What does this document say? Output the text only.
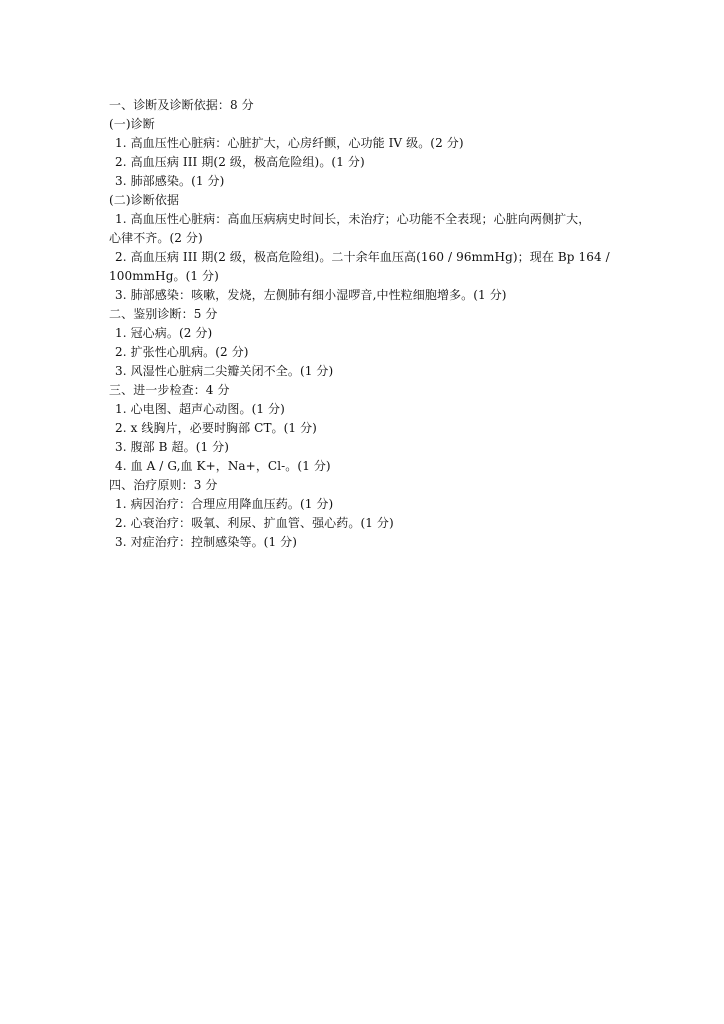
一、诊断及诊断依据：8 分
(一)诊断
1. 高血压性心脏病：心脏扩大，心房纤颤，心功能 IV 级。(2 分)
2. 高血压病 III 期(2 级，极高危险组)。(1 分)
3. 肺部感染。(1 分)
(二)诊断依据
1. 高血压性心脏病：高血压病病史时间长，未治疗；心功能不全表现；心脏向两侧扩大，
心律不齐。(2 分)
2. 高血压病 III 期(2 级，极高危险组)。二十余年血压高(160 / 96mmHg)；现在 Bp 164 /
100mmHg。(1 分)
3. 肺部感染：咳嗽，发烧，左侧肺有细小湿啰音,中性粒细胞增多。(1 分)
二、鉴别诊断：5 分
1. 冠心病。(2 分)
2. 扩张性心肌病。(2 分)
3. 风湿性心脏病二尖瓣关闭不全。(1 分)
三、进一步检查：4 分
1. 心电图、超声心动图。(1 分)
2. x 线胸片，必要时胸部 CT。(1 分)
3. 腹部 B 超。(1 分)
4. 血 A / G,血 K+，Na+，Cl-。(1 分)
四、治疗原则：3 分
1. 病因治疗：合理应用降血压药。(1 分)
2. 心衰治疗：吸氧、利尿、扩血管、强心药。(1 分)
3. 对症治疗：控制感染等。(1 分)
